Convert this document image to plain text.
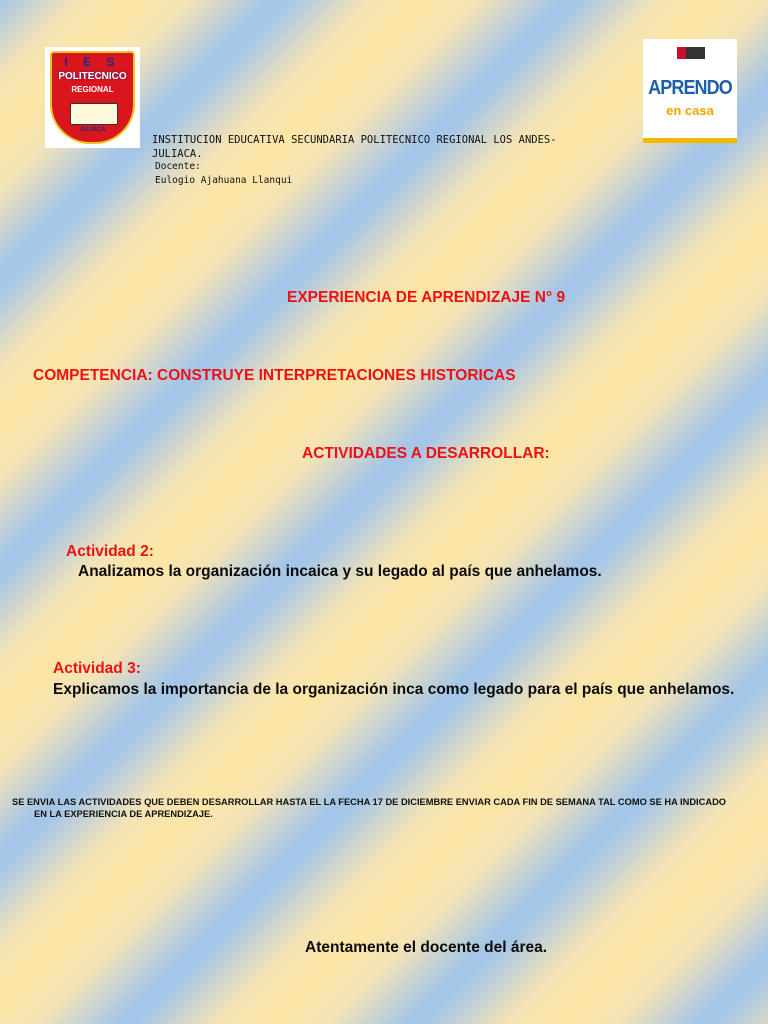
I E S
POLITECNICO
REGIONAL
JULIACA
APRENDO
en casa
INSTITUCION EDUCATIVA SECUNDARIA POLITECNICO REGIONAL LOS ANDES-
JULIACA.
Docente:
Eulogio Ajahuana Llanqui
EXPERIENCIA DE APRENDIZAJE N° 9
COMPETENCIA: CONSTRUYE INTERPRETACIONES HISTORICAS
ACTIVIDADES A DESARROLLAR:
Actividad 2:
Analizamos la organización incaica y su legado al país que anhelamos.
Actividad 3:
Explicamos la importancia de la organización inca como legado para el país que anhelamos.
SE ENVIA LAS ACTIVIDADES QUE DEBEN DESARROLLAR HASTA EL LA FECHA 17 DE DICIEMBRE ENVIAR CADA FIN DE SEMANA TAL COMO SE HA INDICADO
EN LA EXPERIENCIA DE APRENDIZAJE.
Atentamente el docente del área.
